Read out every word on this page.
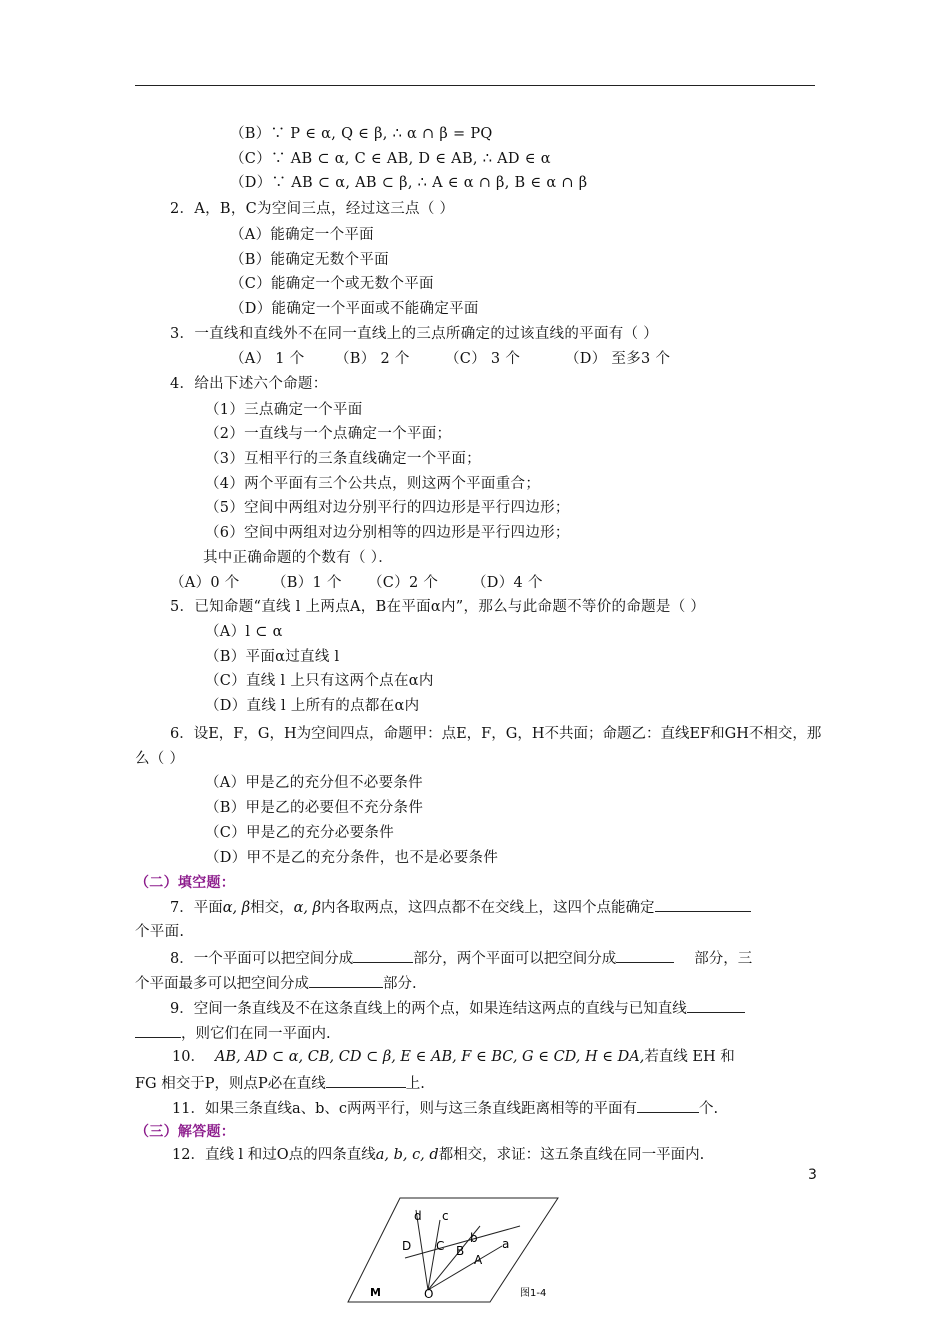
（B）∵ P ∈ α, Q ∈ β, ∴ α ∩ β = PQ
（C）∵ AB ⊂ α, C ∈ AB, D ∈ AB, ∴ AD ∈ α
（D）∵ AB ⊂ α, AB ⊂ β, ∴ A ∈ α ∩ β, B ∈ α ∩ β
2．A，B，C为空间三点，经过这三点（ ）
（A）能确定一个平面
（B）能确定无数个平面
（C）能确定一个或无数个平面
（D）能确定一个平面或不能确定平面
3．一直线和直线外不在同一直线上的三点所确定的过该直线的平面有（ ）
（A） 1 个 （B） 2 个 （C） 3 个	（D） 至多3 个
4．给出下述六个命题：
（1）三点确定一个平面
（2）一直线与一个点确定一个平面；
（3）互相平行的三条直线确定一个平面；
（4）两个平面有三个公共点，则这两个平面重合；
（5）空间中两组对边分别平行的四边形是平行四边形；
（6）空间中两组对边分别相等的四边形是平行四边形；
其中正确命题的个数有（ ）．
（A）0 个 （B）1 个 （C）2 个 （D）4 个
5．已知命题“直线 l 上两点A，B在平面α内”，那么与此命题不等价的命题是（ ）
（A）l ⊂ α
（B）平面α过直线 l
（C）直线 l 上只有这两个点在α内
（D）直线 l 上所有的点都在α内
6．设E，F，G，H为空间四点，命题甲：点E，F，G，H不共面；命题乙：直线EF和GH不相交，那
么（ ）
（A）甲是乙的充分但不必要条件
（B）甲是乙的必要但不充分条件
（C）甲是乙的充分必要条件
（D）甲不是乙的充分条件，也不是必要条件
（二）填空题：
7．平面α, β相交，α, β内各取两点，这四点都不在交线上，这四个点能确定
个平面.
8．一个平面可以把空间分成	部分，两个平面可以把空间分成	部分，三
个平面最多可以把空间分成	部分.
9．空间一条直线及不在这条直线上的两个点，如果连结这两点的直线与已知直线
，则它们在同一平面内.
10． AB, AD ⊂ α, CB, CD ⊂ β, E ∈ AB, F ∈ BC, G ∈ CD, H ∈ DA,若直线 EH 和
FG 相交于P，则点P必在直线	上.
11．如果三条直线a、b、c两两平行，则与这三条直线距离相等的平面有	个.
（三）解答题：
12．直线 l 和过O点的四条直线a, b, c, d都相交，求证：这五条直线在同一平面内.
d c
b a
D C B
A
M	O	图1-4
3
